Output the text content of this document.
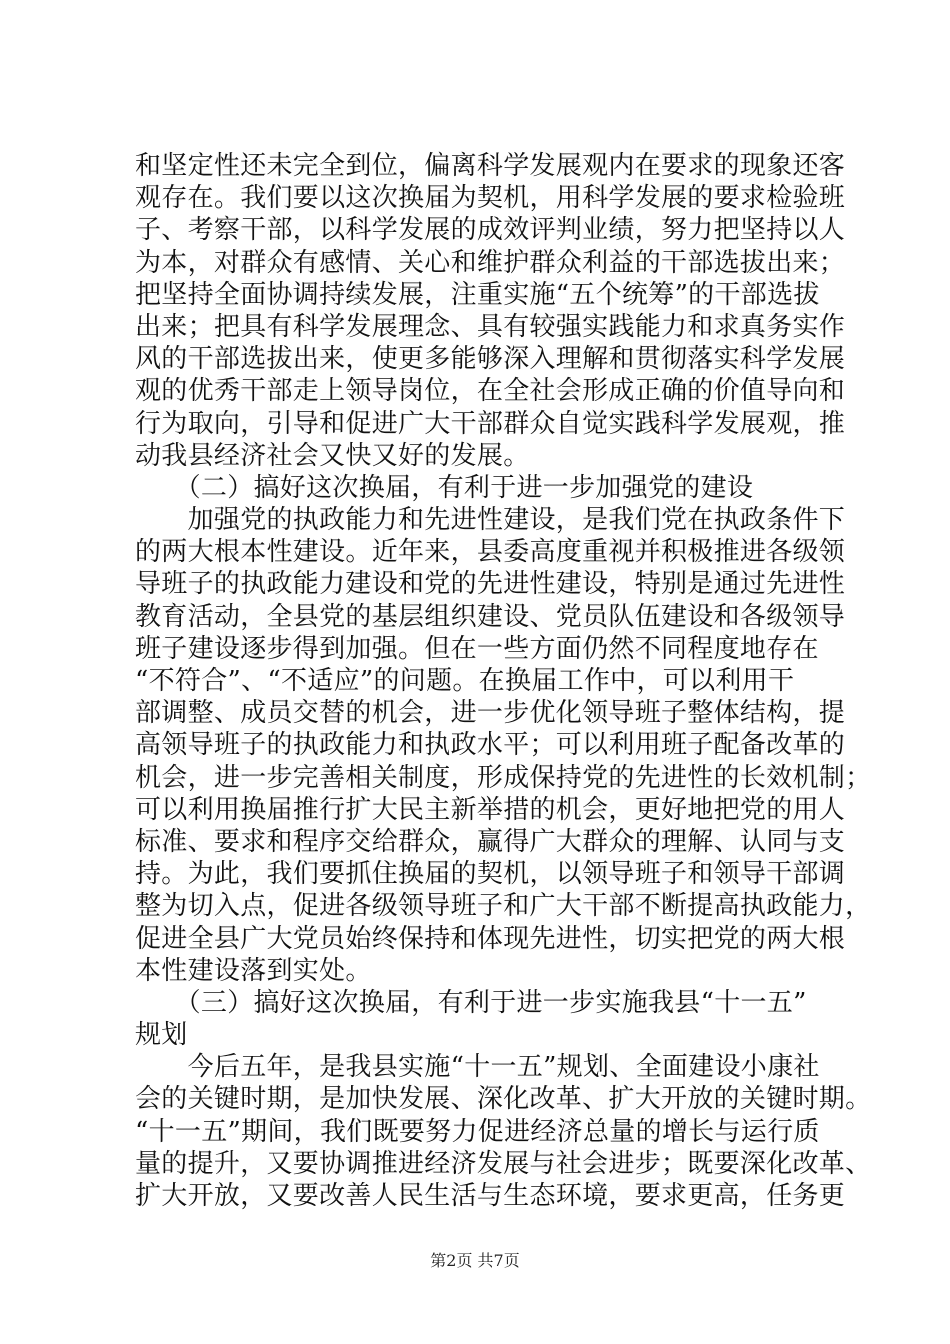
和坚定性还未完全到位，偏离科学发展观内在要求的现象还客
观存在。我们要以这次换届为契机，用科学发展的要求检验班
子、考察干部，以科学发展的成效评判业绩，努力把坚持以人
为本，对群众有感情、关心和维护群众利益的干部选拔出来；
把坚持全面协调持续发展，注重实施“五个统筹”的干部选拔
出来；把具有科学发展理念、具有较强实践能力和求真务实作
风的干部选拔出来，使更多能够深入理解和贯彻落实科学发展
观的优秀干部走上领导岗位，在全社会形成正确的价值导向和
行为取向，引导和促进广大干部群众自觉实践科学发展观，推
动我县经济社会又快又好的发展。
　　（二）搞好这次换届，有利于进一步加强党的建设
　　加强党的执政能力和先进性建设，是我们党在执政条件下
的两大根本性建设。近年来，县委高度重视并积极推进各级领
导班子的执政能力建设和党的先进性建设，特别是通过先进性
教育活动，全县党的基层组织建设、党员队伍建设和各级领导
班子建设逐步得到加强。但在一些方面仍然不同程度地存在
“不符合”、“不适应”的问题。在换届工作中，可以利用干
部调整、成员交替的机会，进一步优化领导班子整体结构，提
高领导班子的执政能力和执政水平；可以利用班子配备改革的
机会，进一步完善相关制度，形成保持党的先进性的长效机制；
可以利用换届推行扩大民主新举措的机会，更好地把党的用人
标准、要求和程序交给群众，赢得广大群众的理解、认同与支
持。为此，我们要抓住换届的契机，以领导班子和领导干部调
整为切入点，促进各级领导班子和广大干部不断提高执政能力，
促进全县广大党员始终保持和体现先进性，切实把党的两大根
本性建设落到实处。
　　（三）搞好这次换届，有利于进一步实施我县“十一五”
规划
　　今后五年，是我县实施“十一五”规划、全面建设小康社
会的关键时期，是加快发展、深化改革、扩大开放的关键时期。
“十一五”期间，我们既要努力促进经济总量的增长与运行质
量的提升，又要协调推进经济发展与社会进步；既要深化改革、
扩大开放，又要改善人民生活与生态环境，要求更高，任务更
第2页 共7页
